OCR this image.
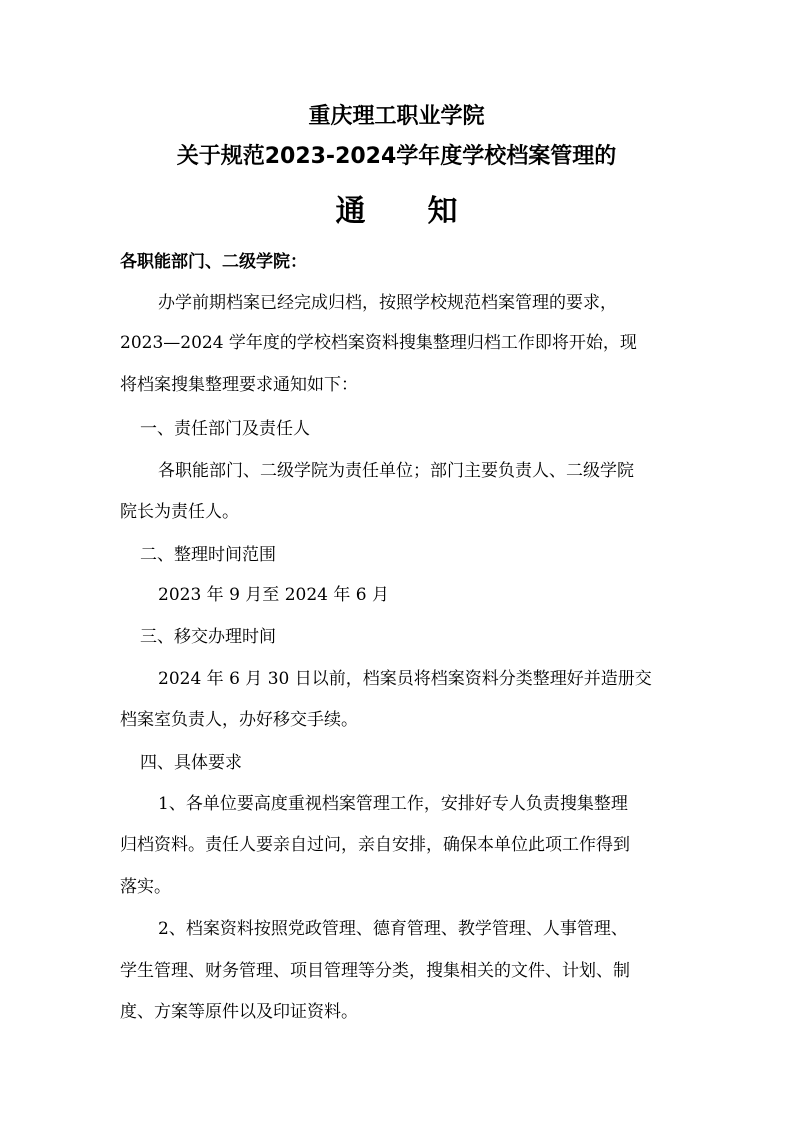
重庆理工职业学院
关于规范2023-2024学年度学校档案管理的
通 知
各职能部门、二级学院：
办学前期档案已经完成归档，按照学校规范档案管理的要求，
2023—2024 学年度的学校档案资料搜集整理归档工作即将开始，现
将档案搜集整理要求通知如下：
一、责任部门及责任人
各职能部门、二级学院为责任单位；部门主要负责人、二级学院
院长为责任人。
二、整理时间范围
2023 年 9 月至 2024 年 6 月
三、移交办理时间
2024 年 6 月 30 日以前，档案员将档案资料分类整理好并造册交
档案室负责人，办好移交手续。
四、具体要求
1、各单位要高度重视档案管理工作，安排好专人负责搜集整理
归档资料。责任人要亲自过问，亲自安排，确保本单位此项工作得到
落实。
2、档案资料按照党政管理、德育管理、教学管理、人事管理、
学生管理、财务管理、项目管理等分类，搜集相关的文件、计划、制
度、方案等原件以及印证资料。
